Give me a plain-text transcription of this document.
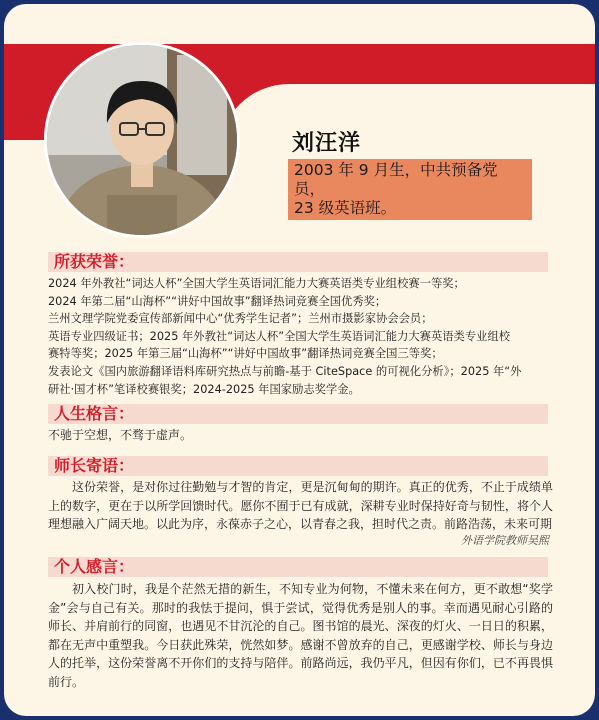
刘汪洋
2003 年 9 月生，中共预备党员，
23 级英语班。
所获荣誉：
2024 年外教社“词达人杯”全国大学生英语词汇能力大赛英语类专业组校赛一等奖；
2024 年第二届“山海杯”“讲好中国故事”翻译热词竞赛全国优秀奖；
兰州文理学院党委宣传部新闻中心“优秀学生记者”；兰州市摄影家协会会员；
英语专业四级证书；2025 年外教社“词达人杯”全国大学生英语词汇能力大赛英语类专业组校
赛特等奖；2025 年第三届“山海杯”“讲好中国故事”翻译热词竞赛全国三等奖；
发表论文《国内旅游翻译语料库研究热点与前瞻-基于 CiteSpace 的可视化分析》；2025 年“外
研社·国才杯”笔译校赛银奖；2024-2025 年国家励志奖学金。
人生格言：
不驰于空想，不骛于虚声。
师长寄语：
这份荣誉，是对你过往勤勉与才智的肯定，更是沉甸甸的期许。真正的优秀，不止于成绩单上的数字，更在于以所学回馈时代。愿你不囿于已有成就，深耕专业时保持好奇与韧性，将个人理想融入广阔天地。以此为序，永葆赤子之心，以青春之我，担时代之责。前路浩荡，未来可期
外语学院教师吴熙
个人感言：
初入校门时，我是个茫然无措的新生，不知专业为何物，不懂未来在何方，更不敢想“奖学金”会与自己有关。那时的我怯于提问，惧于尝试，觉得优秀是别人的事。幸而遇见耐心引路的师长、并肩前行的同窗，也遇见不甘沉沦的自己。图书馆的晨光、深夜的灯火、一日日的积累，都在无声中重塑我。今日获此殊荣，恍然如梦。感谢不曾放弃的自己，更感谢学校、师长与身边人的托举，这份荣誉离不开你们的支持与陪伴。前路尚远，我仍平凡，但因有你们，已不再畏惧前行。
